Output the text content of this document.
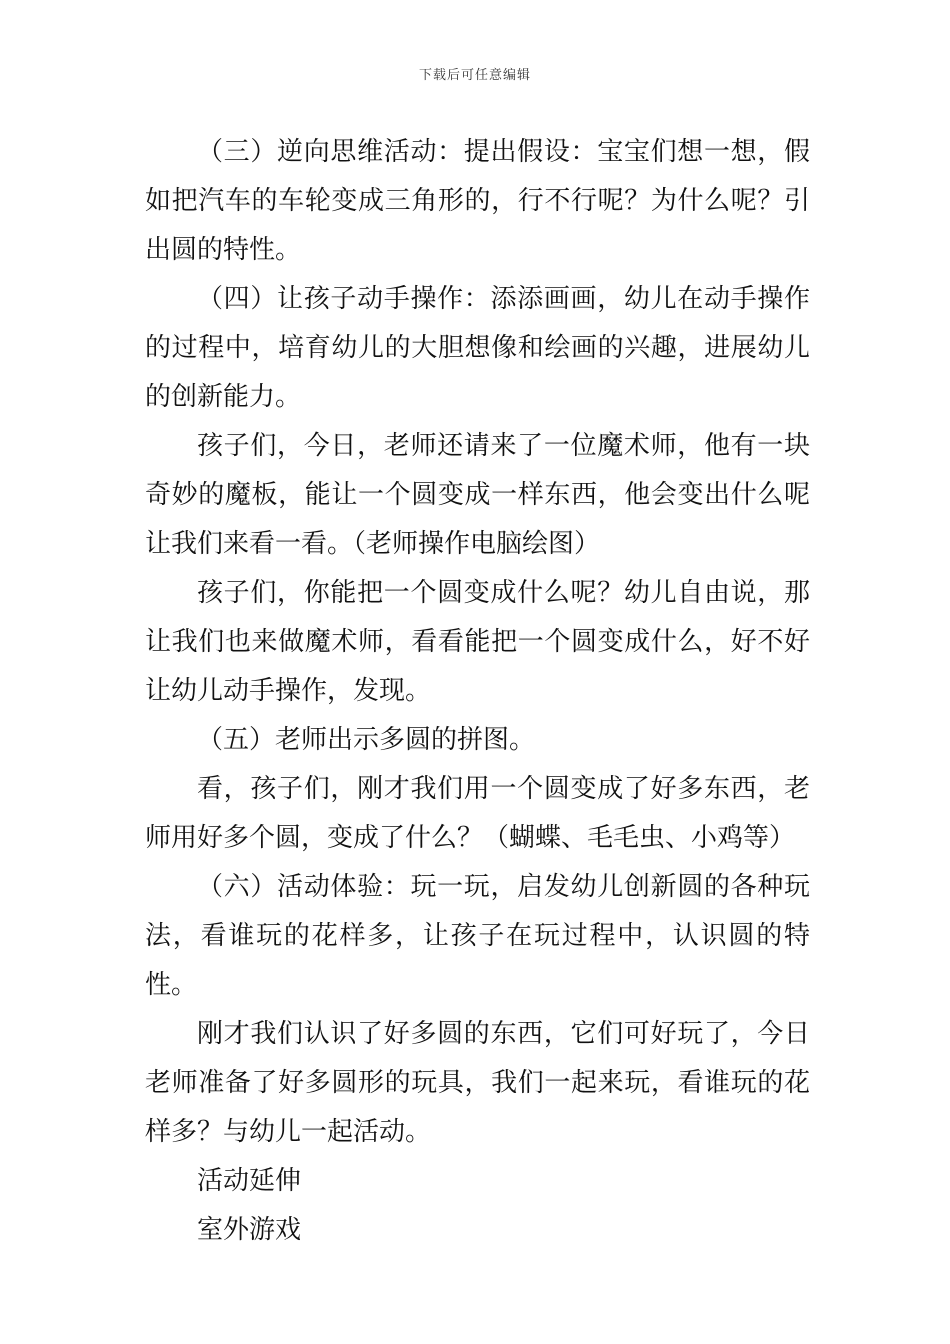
下载后可任意编辑

（三）逆向思维活动：提出假设：宝宝们想一想，假如把汽车的车轮变成三角形的，行不行呢？为什么呢？引出圆的特性。

（四）让孩子动手操作：添添画画，幼儿在动手操作的过程中，培育幼儿的大胆想像和绘画的兴趣，进展幼儿的创新能力。

孩子们，今日，老师还请来了一位魔术师，他有一块奇妙的魔板，能让一个圆变成一样东西，他会变出什么呢让我们来看一看。（老师操作电脑绘图）

孩子们，你能把一个圆变成什么呢？幼儿自由说，那让我们也来做魔术师，看看能把一个圆变成什么，好不好让幼儿动手操作，发现。

（五）老师出示多圆的拼图。

看，孩子们，刚才我们用一个圆变成了好多东西，老师用好多个圆，变成了什么？（蝴蝶、毛毛虫、小鸡等）

（六）活动体验：玩一玩，启发幼儿创新圆的各种玩法，看谁玩的花样多，让孩子在玩过程中，认识圆的特性。

刚才我们认识了好多圆的东西，它们可好玩了，今日老师准备了好多圆形的玩具，我们一起来玩，看谁玩的花样多？与幼儿一起活动。

活动延伸

室外游戏
